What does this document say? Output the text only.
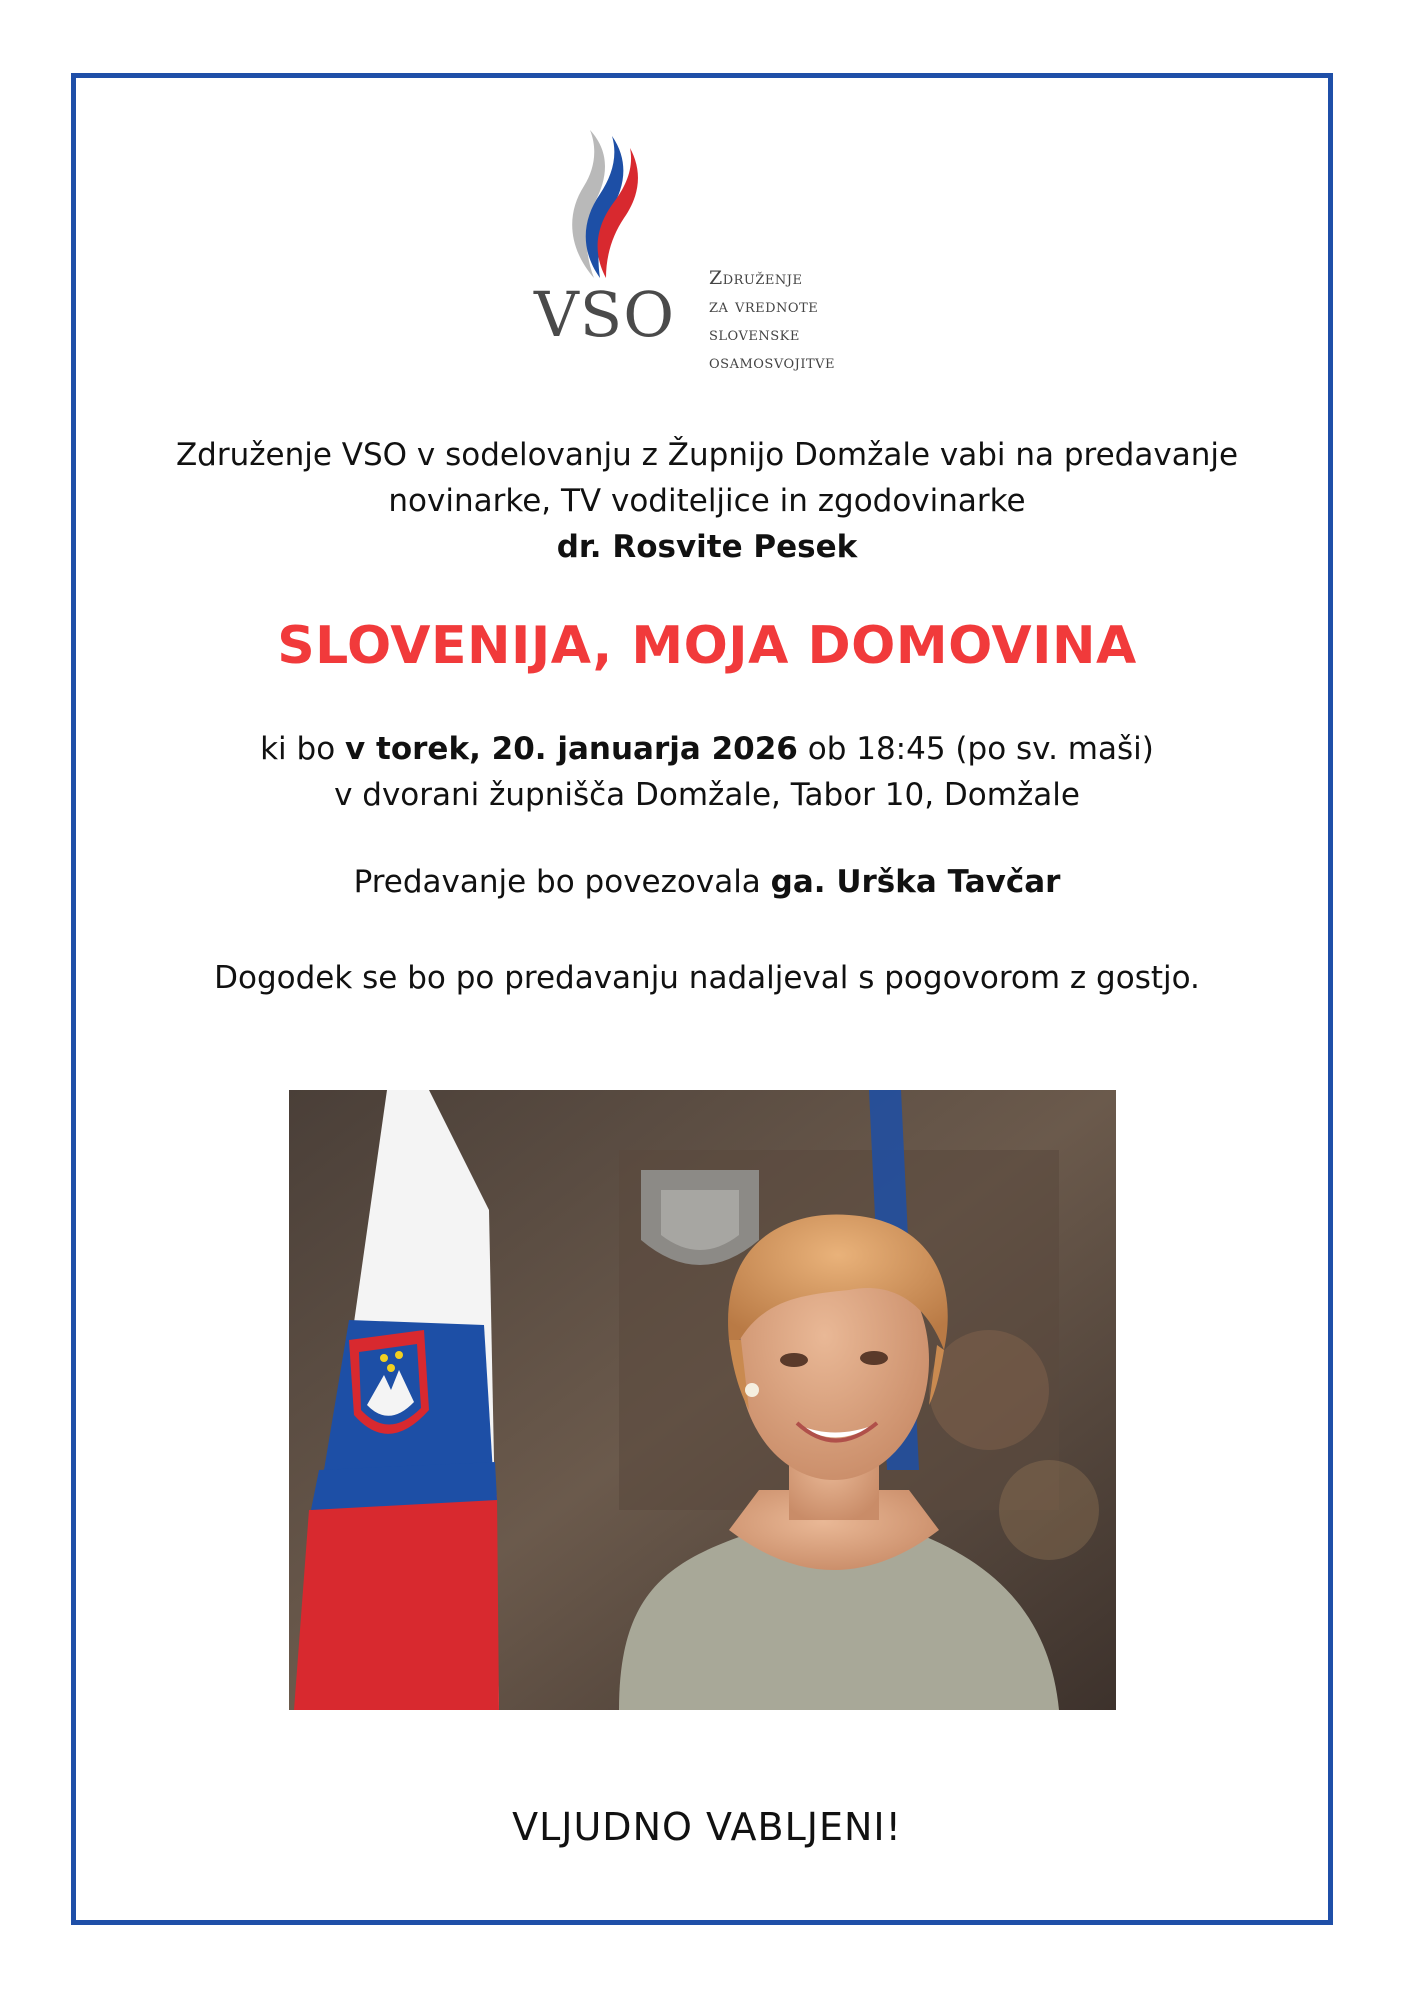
VSO Združenje
za vrednote
slovenske
osamosvojitve
Združenje VSO v sodelovanju z Župnijo Domžale vabi na predavanje
novinarke, TV voditeljice in zgodovinarke
dr. Rosvite Pesek
SLOVENIJA, MOJA DOMOVINA
ki bo v torek, 20. januarja 2026 ob 18:45 (po sv. maši)
v dvorani župnišča Domžale, Tabor 10, Domžale
Predavanje bo povezovala ga. Urška Tavčar
Dogodek se bo po predavanju nadaljeval s pogovorom z gostjo.
VLJUDNO VABLJENI!
